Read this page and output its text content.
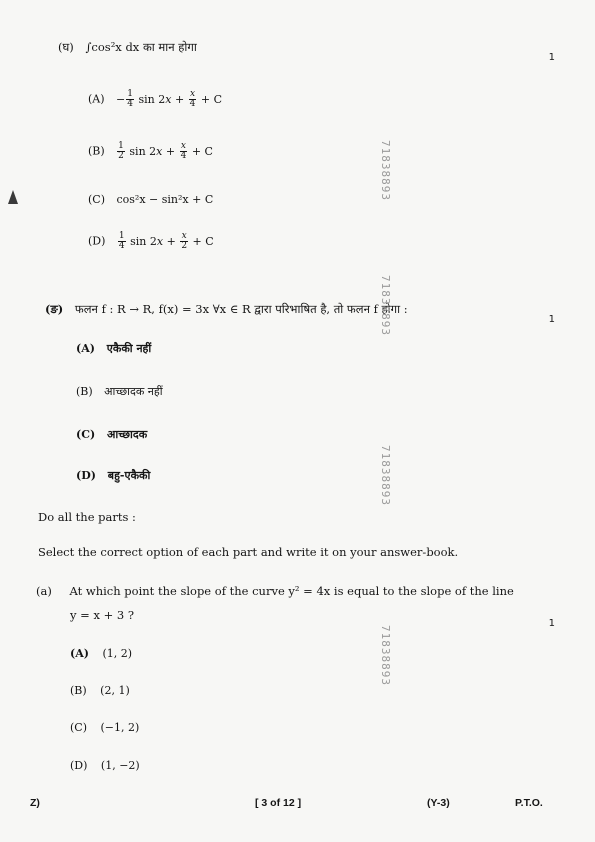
(घ) ∫cos²x dx का मान होगा
1
$(A) - \frac{1}{4}$ $\sin 2x + \frac{x}{4} + C$
$(B) \frac{1}{2}$ $\sin 2x + \frac{x}{4} + C$
(C) cos²x − sin²x + C
$(D) \frac{1}{4}$ $\sin 2x + \frac{x}{2} + C$
(ङ) फलन f : R → R, f(x) = 3x ∀x ∈ R द्वारा परिभाषित है, तो फलन f होगा :
1
(A) एकैकी नहीं
(B) आच्छादक नहीं
(C) आच्छादक
(D) बहु-एकैकी
Do all the parts :
Select the correct option of each part and write it on your answer-book.
(a) At which point the slope of the curve y² = 4x is equal to the slope of the line
y = x + 3 ?
1
(A) (1, 2)
(B) (2, 1)
(C) (−1, 2)
(D) (1, −2)
71838893
71838893
71838893
71838893
Z)	[ 3 of 12 ]	(Y-3)	P.T.O.
